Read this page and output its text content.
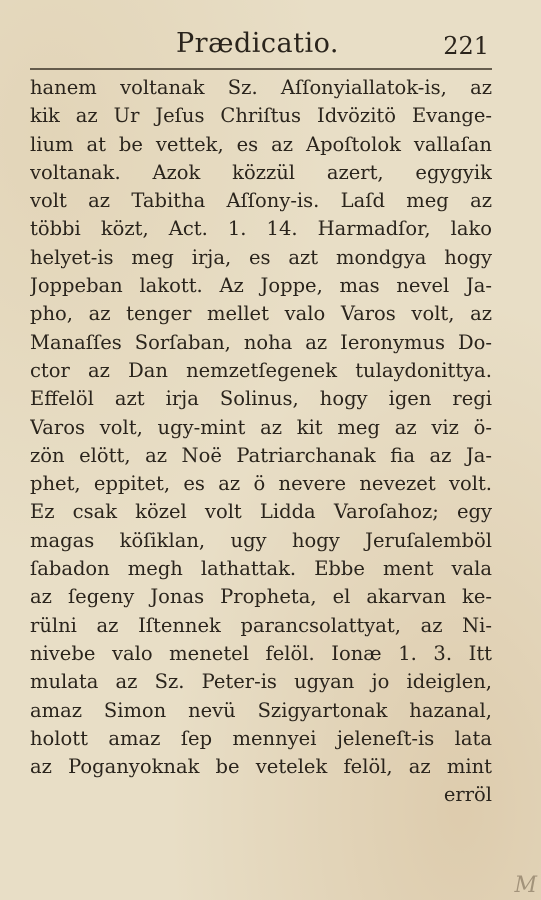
Prædicatio.	221
hanem voltanak Sz. Aſſonyiallatok-is, az
kik az Ur Jeſus Chriſtus Idvözitö Evange-
lium at be vettek, es az Apoſtolok vallaſan
voltanak. Azok közzül azert, egygyik
volt az Tabitha Aſſony-is. Laſd meg az
többi közt, Act. 1. 14. Harmadſor, lako
helyet-is meg irja, es azt mondgya hogy
Joppeban lakott. Az Joppe, mas nevel Ja-
pho, az tenger mellet valo Varos volt, az
Manaſſes Sorſaban, noha az Ieronymus Do-
ctor az Dan nemzetſegenek tulaydonittya.
Effelöl azt irja Solinus, hogy igen regi
Varos volt, ugy-mint az kit meg az viz ö-
zön elött, az Noë Patriarchanak fia az Ja-
phet, eppitet, es az ö nevere nevezet volt.
Ez csak közel volt Lidda Varoſahoz; egy
magas köſiklan, ugy hogy Jeruſalemböl
ſabadon megh lathattak. Ebbe ment vala
az ſegeny Jonas Propheta, el akarvan ke-
rülni az Iſtennek parancsolattyat, az Ni-
nivebe valo menetel felöl. Ionæ 1. 3. Itt
mulata az Sz. Peter-is ugyan jo ideiglen,
amaz Simon nevü Szigyartonak hazanal,
holott amaz ſep mennyei jeleneſt-is lata
az Poganyoknak be vetelek felöl, az mint
erröl
M
